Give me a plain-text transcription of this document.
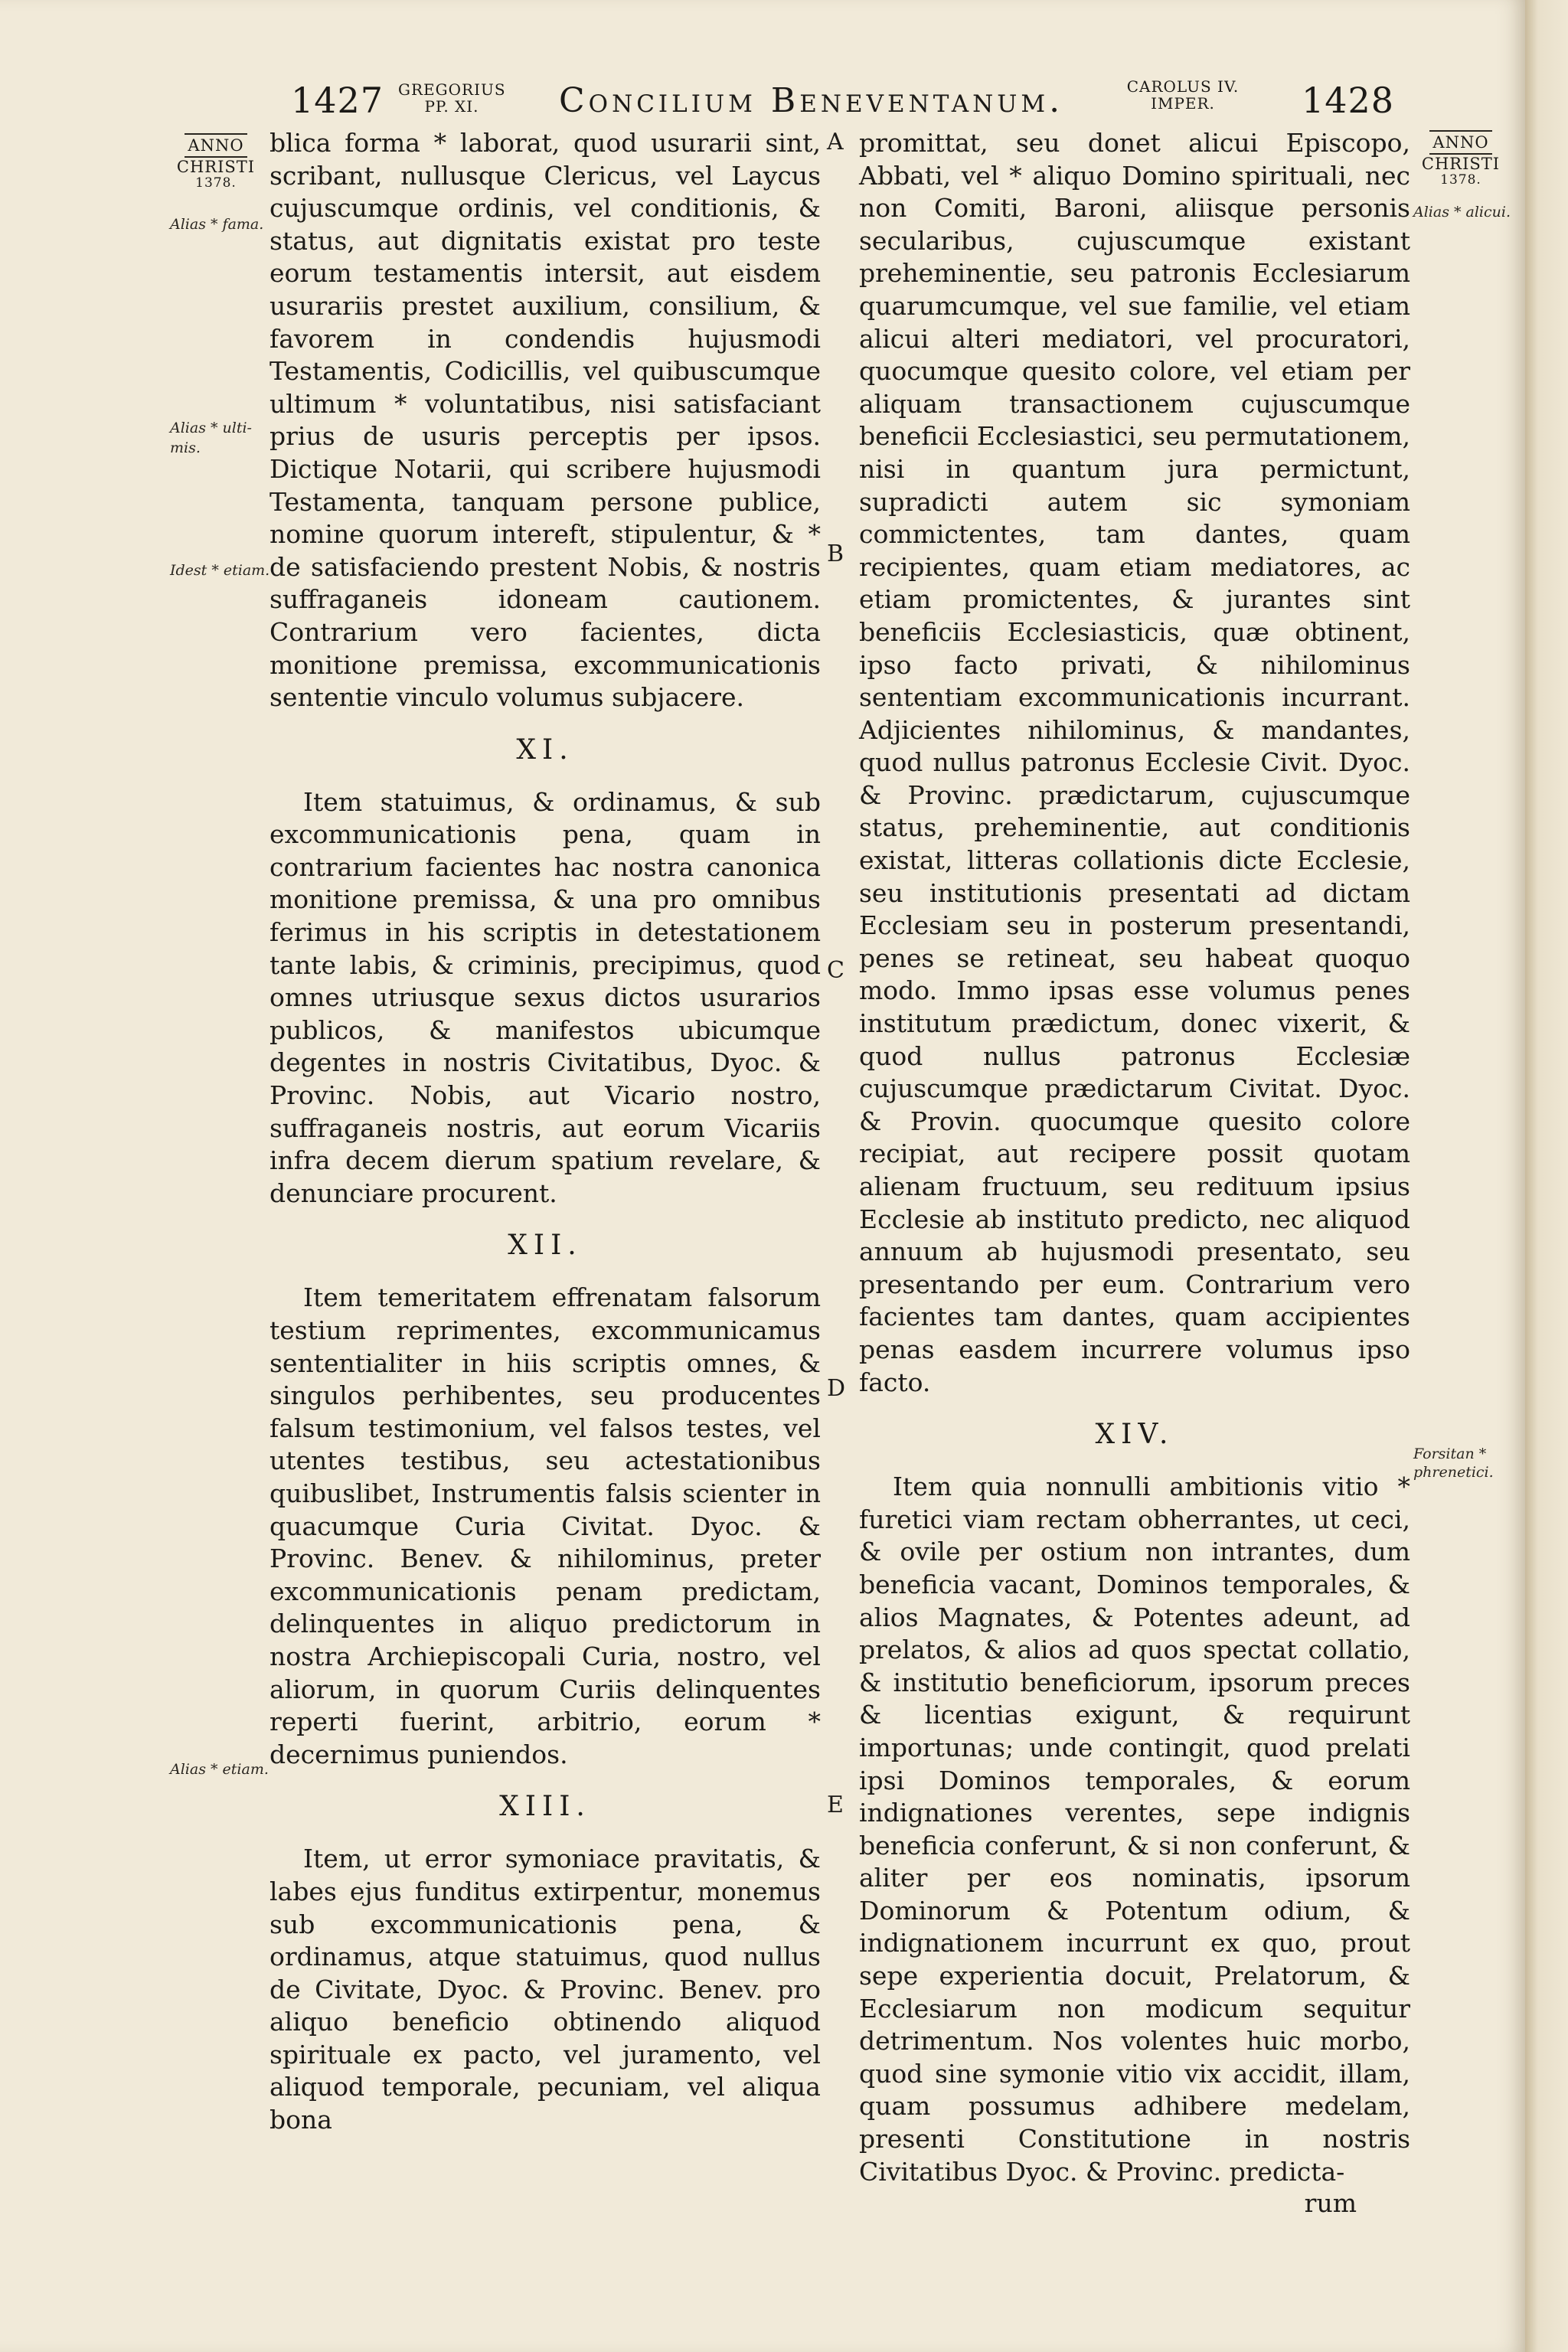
1427 GREGORIUS
PP. XI.	Concilium Beneventanum.	CAROLUS IV.
IMPER.	1428
ANNO
CHRISTI
1378.
Alias * fama.
Alias * ulti-
mis.
Idest * etiam.
Alias * etiam.
A
B
C
D
E
ANNO
CHRISTI
1378.
Alias * alicui.
Forsitan *
phrenetici.

blica forma * laborat, quod usurarii sint, scribant, nullusque Clericus, vel Laycus cujuscumque ordinis, vel conditionis, & status, aut dignitatis existat pro teste eorum testamentis intersit, aut eisdem usurariis prestet auxilium, consilium, & favorem in condendis hujusmodi Testamentis, Codicillis, vel quibuscumque ultimum * voluntatibus, nisi satisfaciant prius de usuris perceptis per ipsos. Dictique Notarii, qui scribere hujusmodi Testamenta, tanquam persone publice, nomine quorum intereft, stipulentur, & * de satisfaciendo prestent Nobis, & nostris suffraganeis idoneam cautionem. Contrarium vero facientes, dicta monitione premissa, excommunicationis sententie vinculo volumus subjacere.

XI.

Item statuimus, & ordinamus, & sub excommunicationis pena, quam in contrarium facientes hac nostra canonica monitione premissa, & una pro omnibus ferimus in his scriptis in detestationem tante labis, & criminis, precipimus, quod omnes utriusque sexus dictos usurarios publicos, & manifestos ubicumque degentes in nostris Civitatibus, Dyoc. & Provinc. Nobis, aut Vicario nostro, suffraganeis nostris, aut eorum Vicariis infra decem dierum spatium revelare, & denunciare procurent.

XII.

Item temeritatem effrenatam falsorum testium reprimentes, excommunicamus sententialiter in hiis scriptis omnes, & singulos perhibentes, seu producentes falsum testimonium, vel falsos testes, vel utentes testibus, seu actestationibus quibuslibet, Instrumentis falsis scienter in quacumque Curia Civitat. Dyoc. & Provinc. Benev. & nihilominus, preter excommunicationis penam predictam, delinquentes in aliquo predictorum in nostra Archiepiscopali Curia, nostro, vel aliorum, in quorum Curiis delinquentes reperti fuerint, arbitrio, eorum * decernimus puniendos.

XIII.

Item, ut error symoniace pravitatis, & labes ejus funditus extirpentur, monemus sub excommunicationis pena, & ordinamus, atque statuimus, quod nullus de Civitate, Dyoc. & Provinc. Benev. pro aliquo beneficio obtinendo aliquod spirituale ex pacto, vel juramento, vel aliquod temporale, pecuniam, vel aliqua bona

promittat, seu donet alicui Episcopo, Abbati, vel * aliquo Domino spirituali, nec non Comiti, Baroni, aliisque personis secularibus, cujuscumque existant preheminentie, seu patronis Ecclesiarum quarumcumque, vel sue familie, vel etiam alicui alteri mediatori, vel procuratori, quocumque quesito colore, vel etiam per aliquam transactionem cujuscumque beneficii Ecclesiastici, seu permutationem, nisi in quantum jura permictunt, supradicti autem sic symoniam commictentes, tam dantes, quam recipientes, quam etiam mediatores, ac etiam promictentes, & jurantes sint beneficiis Ecclesiasticis, quæ obtinent, ipso facto privati, & nihilominus sententiam excommunicationis incurrant. Adjicientes nihilominus, & mandantes, quod nullus patronus Ecclesie Civit. Dyoc. & Provinc. prædictarum, cujuscumque status, preheminentie, aut conditionis existat, litteras collationis dicte Ecclesie, seu institutionis presentati ad dictam Ecclesiam seu in posterum presentandi, penes se retineat, seu habeat quoquo modo. Immo ipsas esse volumus penes institutum prædictum, donec vixerit, & quod nullus patronus Ecclesiæ cujuscumque prædictarum Civitat. Dyoc. & Provin. quocumque quesito colore recipiat, aut recipere possit quotam alienam fructuum, seu redituum ipsius Ecclesie ab instituto predicto, nec aliquod annuum ab hujusmodi presentato, seu presentando per eum. Contrarium vero facientes tam dantes, quam accipientes penas easdem incurrere volumus ipso facto.

XIV.

Item quia nonnulli ambitionis vitio * furetici viam rectam obherrantes, ut ceci, & ovile per ostium non intrantes, dum beneficia vacant, Dominos temporales, & alios Magnates, & Potentes adeunt, ad prelatos, & alios ad quos spectat collatio, & institutio beneficiorum, ipsorum preces & licentias exigunt, & requirunt importunas; unde contingit, quod prelati ipsi Dominos temporales, & eorum indignationes verentes, sepe indignis beneficia conferunt, & si non conferunt, & aliter per eos nominatis, ipsorum Dominorum & Potentum odium, & indignationem incurrunt ex quo, prout sepe experientia docuit, Prelatorum, & Ecclesiarum non modicum sequitur detrimentum. Nos volentes huic morbo, quod sine symonie vitio vix accidit, illam, quam possumus adhibere medelam, presenti Constitutione in nostris Civitatibus Dyoc. & Provinc. predicta-

rum
